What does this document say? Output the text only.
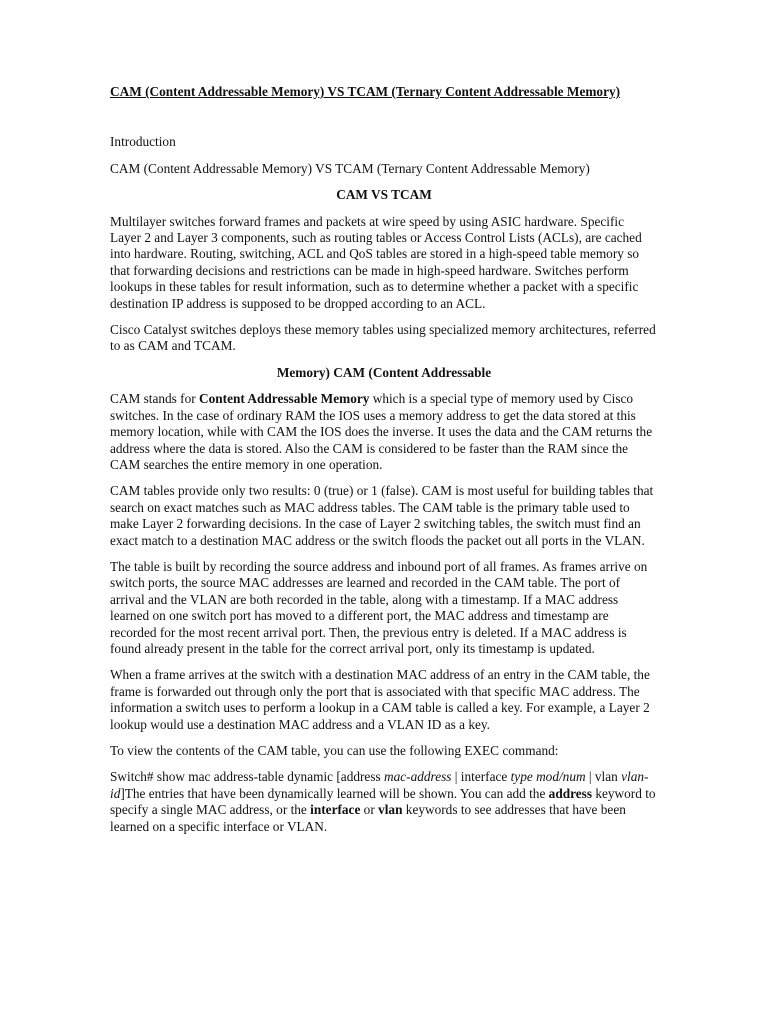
CAM (Content Addressable Memory) VS TCAM (Ternary Content Addressable Memory)
Introduction
CAM (Content Addressable Memory) VS TCAM (Ternary Content Addressable Memory)
CAM VS TCAM

Multilayer switches forward frames and packets at wire speed by using ASIC hardware. Specific Layer 2 and Layer 3 components, such as routing tables or Access Control Lists (ACLs), are cached into hardware. Routing, switching, ACL and QoS tables are stored in a high-speed table memory so that forwarding decisions and restrictions can be made in high-speed hardware. Switches perform lookups in these tables for result information, such as to determine whether a packet with a specific destination IP address is supposed to be dropped according to an ACL.

Cisco Catalyst switches deploys these memory tables using specialized memory architectures, referred to as CAM and TCAM.

Memory) CAM (Content Addressable

CAM stands for Content Addressable Memory which is a special type of memory used by Cisco switches. In the case of ordinary RAM the IOS uses a memory address to get the data stored at this memory location, while with CAM the IOS does the inverse. It uses the data and the CAM returns the address where the data is stored. Also the CAM is considered to be faster than the RAM since the CAM searches the entire memory in one operation.

CAM tables provide only two results: 0 (true) or 1 (false). CAM is most useful for building tables that search on exact matches such as MAC address tables. The CAM table is the primary table used to make Layer 2 forwarding decisions. In the case of Layer 2 switching tables, the switch must find an exact match to a destination MAC address or the switch floods the packet out all ports in the VLAN.

The table is built by recording the source address and inbound port of all frames. As frames arrive on switch ports, the source MAC addresses are learned and recorded in the CAM table. The port of arrival and the VLAN are both recorded in the table, along with a timestamp. If a MAC address learned on one switch port has moved to a different port, the MAC address and timestamp are recorded for the most recent arrival port. Then, the previous entry is deleted. If a MAC address is found already present in the table for the correct arrival port, only its timestamp is updated.

When a frame arrives at the switch with a destination MAC address of an entry in the CAM table, the frame is forwarded out through only the port that is associated with that specific MAC address. The information a switch uses to perform a lookup in a CAM table is called a key. For example, a Layer 2 lookup would use a destination MAC address and a VLAN ID as a key.

To view the contents of the CAM table, you can use the following EXEC command:

Switch# show mac address-table dynamic [address mac-address | interface type mod/num | vlan vlan-id]The entries that have been dynamically learned will be shown. You can add the address keyword to specify a single MAC address, or the interface or vlan keywords to see addresses that have been learned on a specific interface or VLAN.
